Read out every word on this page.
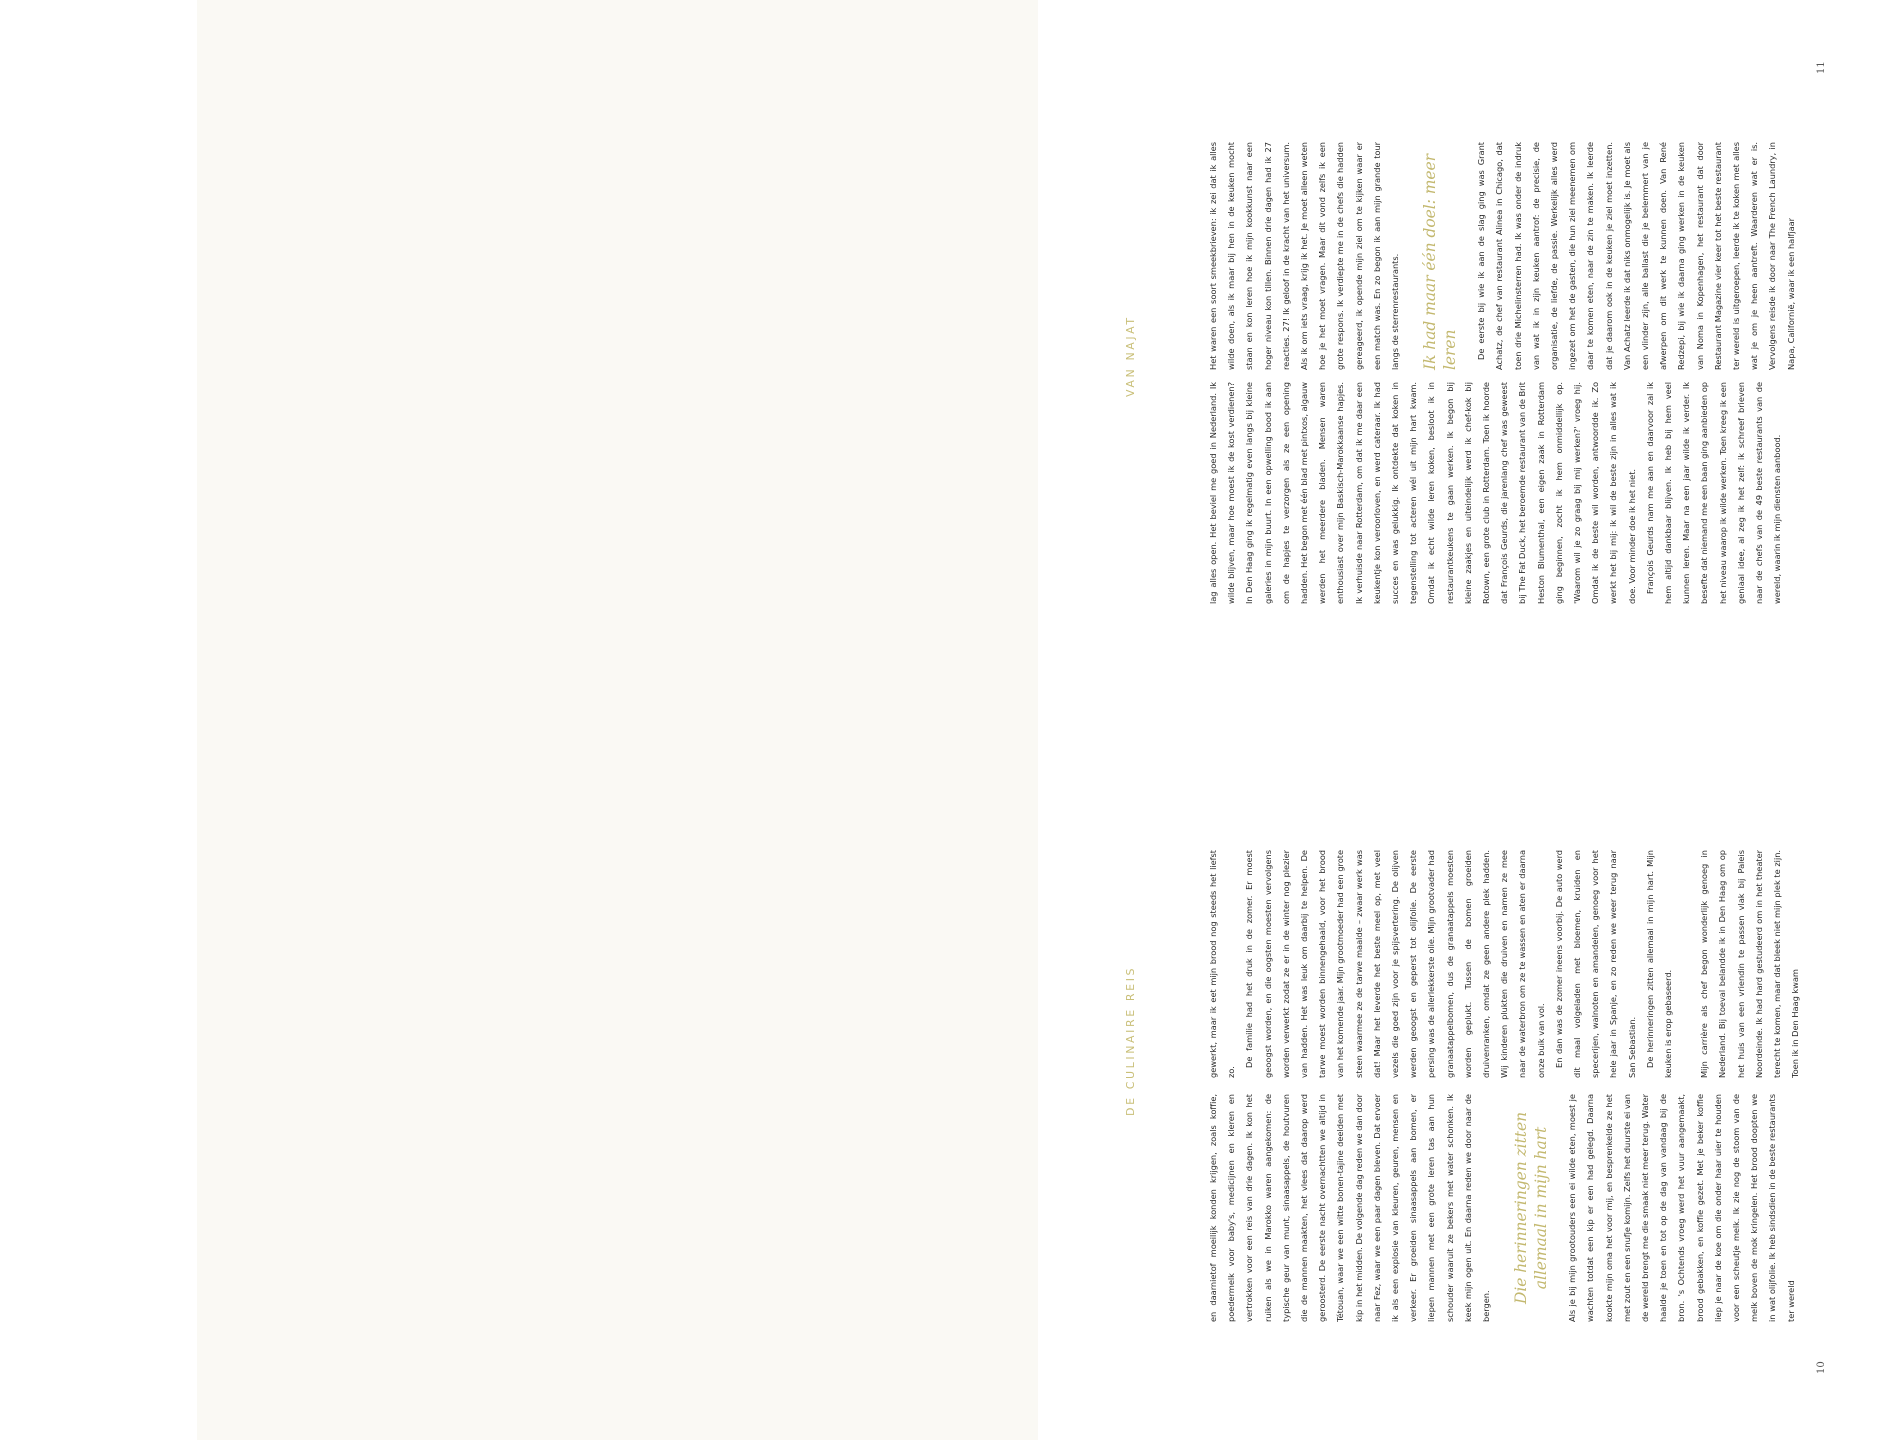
DE CULINAIRE REIS
VAN NAJAT
10
11

en daarnietof moeilijk konden krijgen, zoals koffie, poedermelk voor baby's, medicijnen en kleren en vertrokken voor een reis van drie dagen. Ik kon het ruiken als we in Marokko waren aangekomen: de typische geur van munt, sinaasappels, de houtvuren die de mannen maakten, het vlees dat daarop werd geroosterd. De eerste nacht overnachtten we altijd in Tétouan, waar we een witte bonen-tajine deelden met kip in het midden. De volgende dag reden we dan door naar Fez, waar we een paar dagen bleven. Dat ervoer ik als een explosie van kleuren, geuren, mensen en verkeer. Er groeiden sinaasappels aan bomen, er liepen mannen met een grote leren tas aan hun schouder waaruit ze bekers met water schonken. Ik keek mijn ogen uit. En daarna reden we door naar de bergen.

Die herinneringen zitten allemaal in mijn hart	Als je bij mijn grootouders een ei wilde eten, moest je wachten totdat een kip er een had gelegd. Daarna kookte mijn oma het voor mij, en besprenkelde ze het met zout en een snufje komijn. Zelfs het duurste ei van de wereld brengt me die smaak niet meer terug. Water haalde je toen en tot op de dag van vandaag bij de bron. 's Ochtends vroeg werd het vuur aangemaakt, brood gebakken, en koffie gezet. Met je beker koffie liep je naar de koe om die onder haar uier te houden voor een scheutje melk. Ik zie nog de stoom van de melk boven de mok kringelen. Het brood doopten we in wat olijfolie. Ik heb sindsdien in de beste restaurants ter wereld

gewerkt, maar ik eet mijn brood nog steeds het liefst zo.

De familie had het druk in de zomer. Er moest geoogst worden, en die oogsten moesten vervolgens worden verwerkt zodat ze er in de winter nog plezier van hadden. Het was leuk om daarbij te helpen. De tarwe moest worden binnengehaald, voor het brood van het komende jaar. Mijn grootmoeder had een grote steen waarmee ze de tarwe maalde – zwaar werk was dat! Maar het leverde het beste meel op, met veel vezels die goed zijn voor je spijsvertering. De olijven werden geoogst en geperst tot olijfolie. De eerste persing was de allerlekkerste olie. Mijn grootvader had granaatappelbomen, dus de granaatappels moesten worden geplukt. Tussen de bomen groeiden druivenranken, omdat ze geen andere plek hadden. Wij kinderen plukten die druiven en namen ze mee naar de waterbron om ze te wassen en aten er daarna onze buik van vol. En dan was de zomer ineens voorbij. De auto werd dit maal volgeladen met bloemen, kruiden en specerijen, walnoten en amandelen, genoeg voor het hele jaar in Spanje, en zo reden we weer terug naar San Sebastian. De herinneringen zitten allemaal in mijn hart. Mijn keuken is erop gebaseerd.	Mijn carrière als chef begon wonderlijk genoeg in Nederland. Bij toeval belandde ik in Den Haag om op het huis van een vriendin te passen vlak bij Paleis Noordeinde. Ik had hard gestudeerd om in het theater terecht te komen, maar dat bleek niet mijn plek te zijn. Toen ik in Den Haag kwam

lag alles open. Het beviel me goed in Nederland. Ik wilde blijven, maar hoe moest ik de kost verdienen? In Den Haag ging ik regelmatig even langs bij kleine galeries in mijn buurt. In een opwelling bood ik aan om de hapjes te verzorgen als ze een opening hadden. Het begon met één blad met pintxos, algauw werden het meerdere bladen. Mensen waren enthousiast over mijn Baskisch-Marokkaanse hapjes. Ik verhuisde naar Rotterdam, om dat ik me daar een keukentje kon veroorloven, en werd cateraar. Ik had succes en was gelukkig. Ik ontdekte dat koken in tegenstelling tot acteren wél uit mijn hart kwam. Omdat ik echt wilde leren koken, besloot ik in restaurantkeukens te gaan werken. Ik begon bij kleine zaakjes en uiteindelijk werd ik chef-kok bij Rotown, een grote club in Rotterdam. Toen ik hoorde dat François Geurds, die jarenlang chef was geweest bij The Fat Duck, het beroemde restaurant van de Brit Heston Blumenthal, een eigen zaak in Rotterdam ging beginnen, zocht ik hem onmiddellijk op. 'Waarom wil je zo graag bij mij werken?' vroeg hij. Omdat ik de beste wil worden, antwoordde ik. Zo werkt het bij mij: ik wil de beste zijn in alles wat ik doe. Voor minder doe ik het niet. François Geurds nam me aan en daarvoor zal ik hem altijd dankbaar blijven. Ik heb bij hem veel kunnen leren. Maar na een jaar wilde ik verder. Ik besefte dat niemand me een baan ging aanbieden op het niveau waarop ik wilde werken. Toen kreeg ik een geniaal idee, al zeg ik het zelf: ik schreef brieven naar de chefs van de 49 beste restaurants van de wereld, waarin ik mijn diensten aanbood.

Het waren een soort smeekbrieven: ik zei dat ik alles wilde doen, als ik maar bij hen in de keuken mocht staan en kon leren hoe ik mijn kookkunst naar een hoger niveau kon tillen. Binnen drie dagen had ik 27 reacties. 27! Ik geloof in de kracht van het universum. Als ik om iets vraag, krijg ik het. Je moet alleen weten hoe je het moet vragen. Maar dit vond zelfs ik een grote respons. Ik verdiepte me in de chefs die hadden gereageerd, ik opende mijn ziel om te kijken waar er een match was. En zo begon ik aan mijn grande tour langs de sterrenrestaurants. Ik had maar één doel: meer leren	De eerste bij wie ik aan de slag ging was Grant Achatz, de chef van restaurant Alinea in Chicago, dat toen drie Michelinsterren had. Ik was onder de indruk van wat ik in zijn keuken aantrof: de precisie, de organisatie, de liefde, de passie. Werkelijk alles werd ingezet om het de gasten, die hun ziel meenemen om daar te komen eten, naar de zin te maken. Ik leerde dat je daarom ook in de keuken je ziel moet inzetten. Van Achatz leerde ik dat niks onmogelijk is. Je moet als een vlinder zijn, alle ballast die je belemmert van je afwerpen om dit werk te kunnen doen. Van René Redzepi, bij wie ik daarna ging werken in de keuken van Noma in Kopenhagen, het restaurant dat door Restaurant Magazine vier keer tot het beste restaurant ter wereld is uitgeroepen, leerde ik te koken met alles wat je om je heen aantreft. Waarderen wat er is. Vervolgens reisde ik door naar The French Laundry, in Napa, Californië, waar ik een halfjaar
